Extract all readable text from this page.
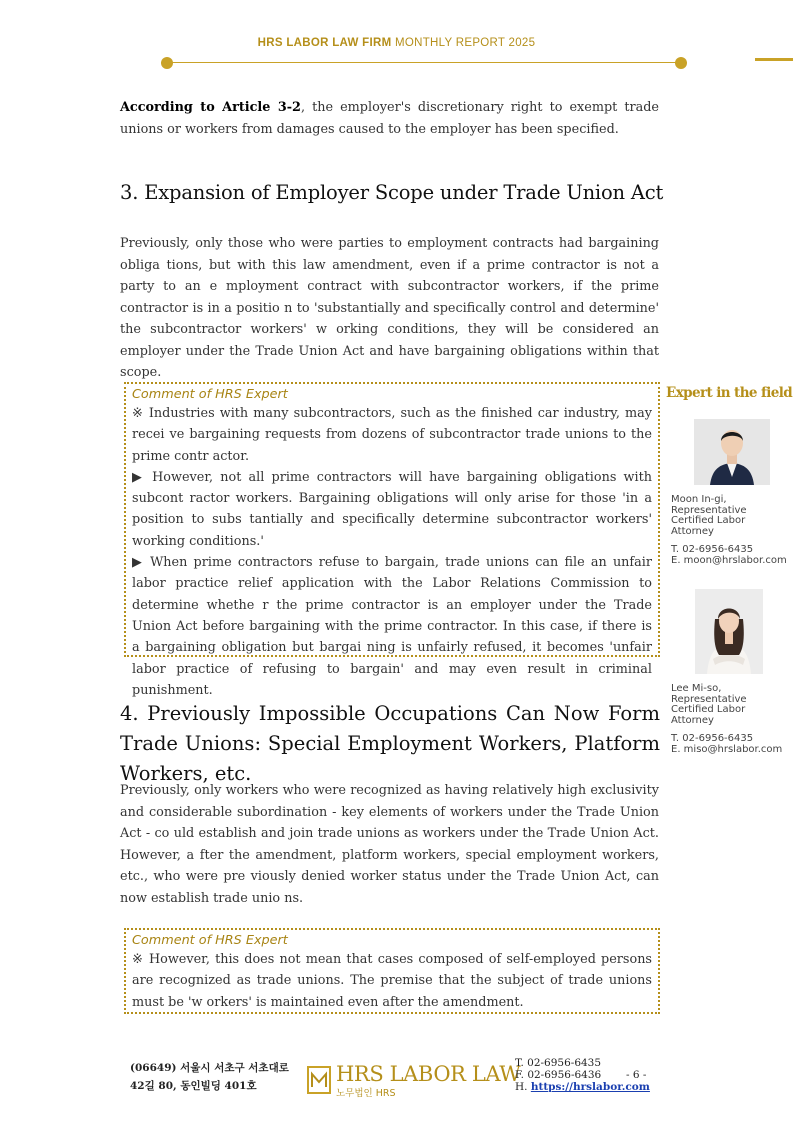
HRS LABOR LAW FIRM MONTHLY REPORT 2025
According to Article 3-2, the employer's discretionary right to exempt trade unions or workers from damages caused to the employer has been specified.
3. Expansion of Employer Scope under Trade Union Act
Previously, only those who were parties to employment contracts had bargaining obliga tions, but with this law amendment, even if a prime contractor is not a party to an e mployment contract with subcontractor workers, if the prime contractor is in a positio n to 'substantially and specifically control and determine' the subcontractor workers' w orking conditions, they will be considered an employer under the Trade Union Act and have bargaining obligations within that scope.
Comment of HRS Expert
※ Industries with many subcontractors, such as the finished car industry, may recei ve bargaining requests from dozens of subcontractor trade unions to the prime contr actor.
▶ However, not all prime contractors will have bargaining obligations with subcont ractor workers. Bargaining obligations will only arise for those 'in a position to subs tantially and specifically determine subcontractor workers' working conditions.'
▶ When prime contractors refuse to bargain, trade unions can file an unfair labor practice relief application with the Labor Relations Commission to determine whethe r the prime contractor is an employer under the Trade Union Act before bargaining with the prime contractor. In this case, if there is a bargaining obligation but bargai ning is unfairly refused, it becomes 'unfair labor practice of refusing to bargain' and may even result in criminal punishment.
4. Previously Impossible Occupations Can Now Form Trade Unions: Special Employment Workers, Platform Workers, etc.
Previously, only workers who were recognized as having relatively high exclusivity and considerable subordination - key elements of workers under the Trade Union Act - co uld establish and join trade unions as workers under the Trade Union Act. However, a fter the amendment, platform workers, special employment workers, etc., who were pre viously denied worker status under the Trade Union Act, can now establish trade unio ns.
Comment of HRS Expert
※ However, this does not mean that cases composed of self-employed persons are recognized as trade unions. The premise that the subject of trade unions must be 'w orkers' is maintained even after the amendment.
Expert in the field
Moon In-gi,
Representative
Certified Labor
Attorney
T. 02-6956-6435
E. moon@hrslabor.com
Lee Mi-so,
Representative
Certified Labor
Attorney
T. 02-6956-6435
E. miso@hrslabor.com
(06649) 서울시 서초구 서초대로
42길 80, 동인빌딩 401호	HRS LABOR LAW
노무법인 HRS
T. 02-6956-6435
F. 02-6956-6436
H. https://hrslabor.com
- 6 -
